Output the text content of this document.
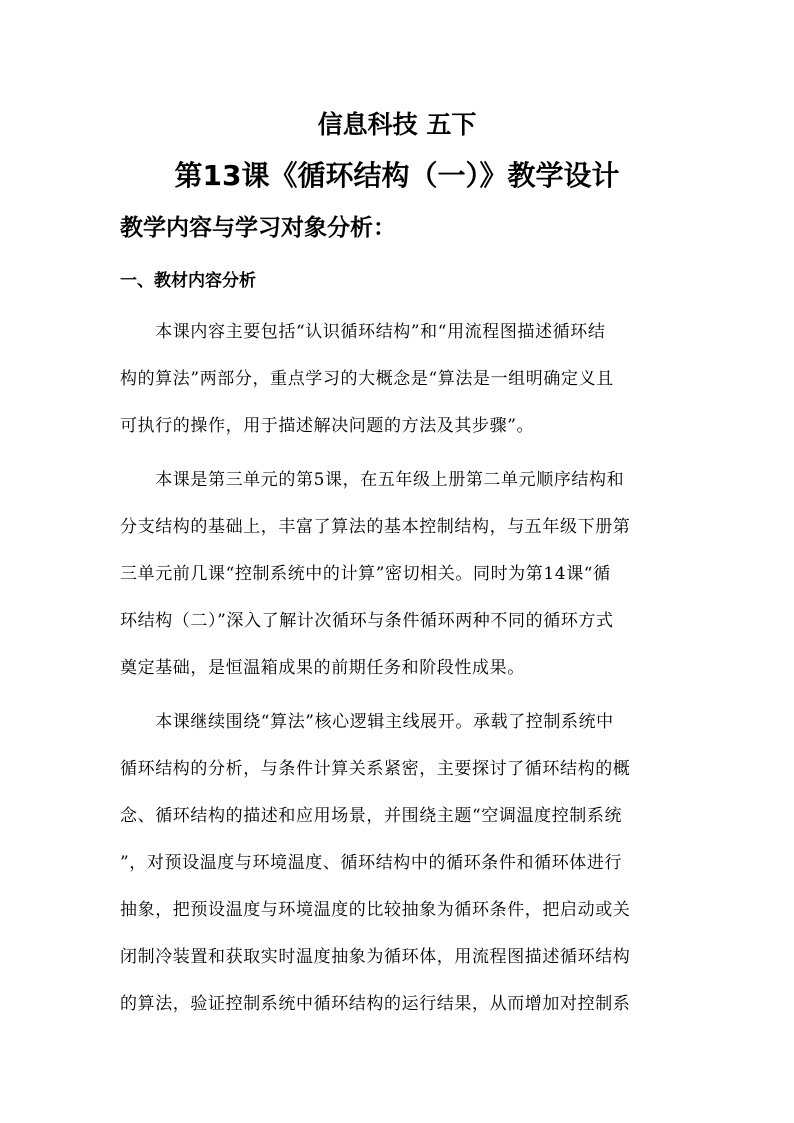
信息科技 五下
第13课《循环结构（一）》教学设计
教学内容与学习对象分析：
一、教材内容分析
　　本课内容主要包括“认识循环结构”和“用流程图描述循环结
构的算法”两部分，重点学习的大概念是“算法是一组明确定义且
可执行的操作，用于描述解决问题的方法及其步骤”。
　　本课是第三单元的第5课，在五年级上册第二单元顺序结构和
分支结构的基础上，丰富了算法的基本控制结构，与五年级下册第
三单元前几课“控制系统中的计算”密切相关。同时为第14课“循
环结构（二）”深入了解计次循环与条件循环两种不同的循环方式
奠定基础，是恒温箱成果的前期任务和阶段性成果。
　　本课继续围绕“算法”核心逻辑主线展开。承载了控制系统中
循环结构的分析，与条件计算关系紧密，主要探讨了循环结构的概
念、循环结构的描述和应用场景，并围绕主题“空调温度控制系统
”，对预设温度与环境温度、循环结构中的循环条件和循环体进行
抽象，把预设温度与环境温度的比较抽象为循环条件，把启动或关
闭制冷装置和获取实时温度抽象为循环体，用流程图描述循环结构
的算法，验证控制系统中循环结构的运行结果，从而增加对控制系
